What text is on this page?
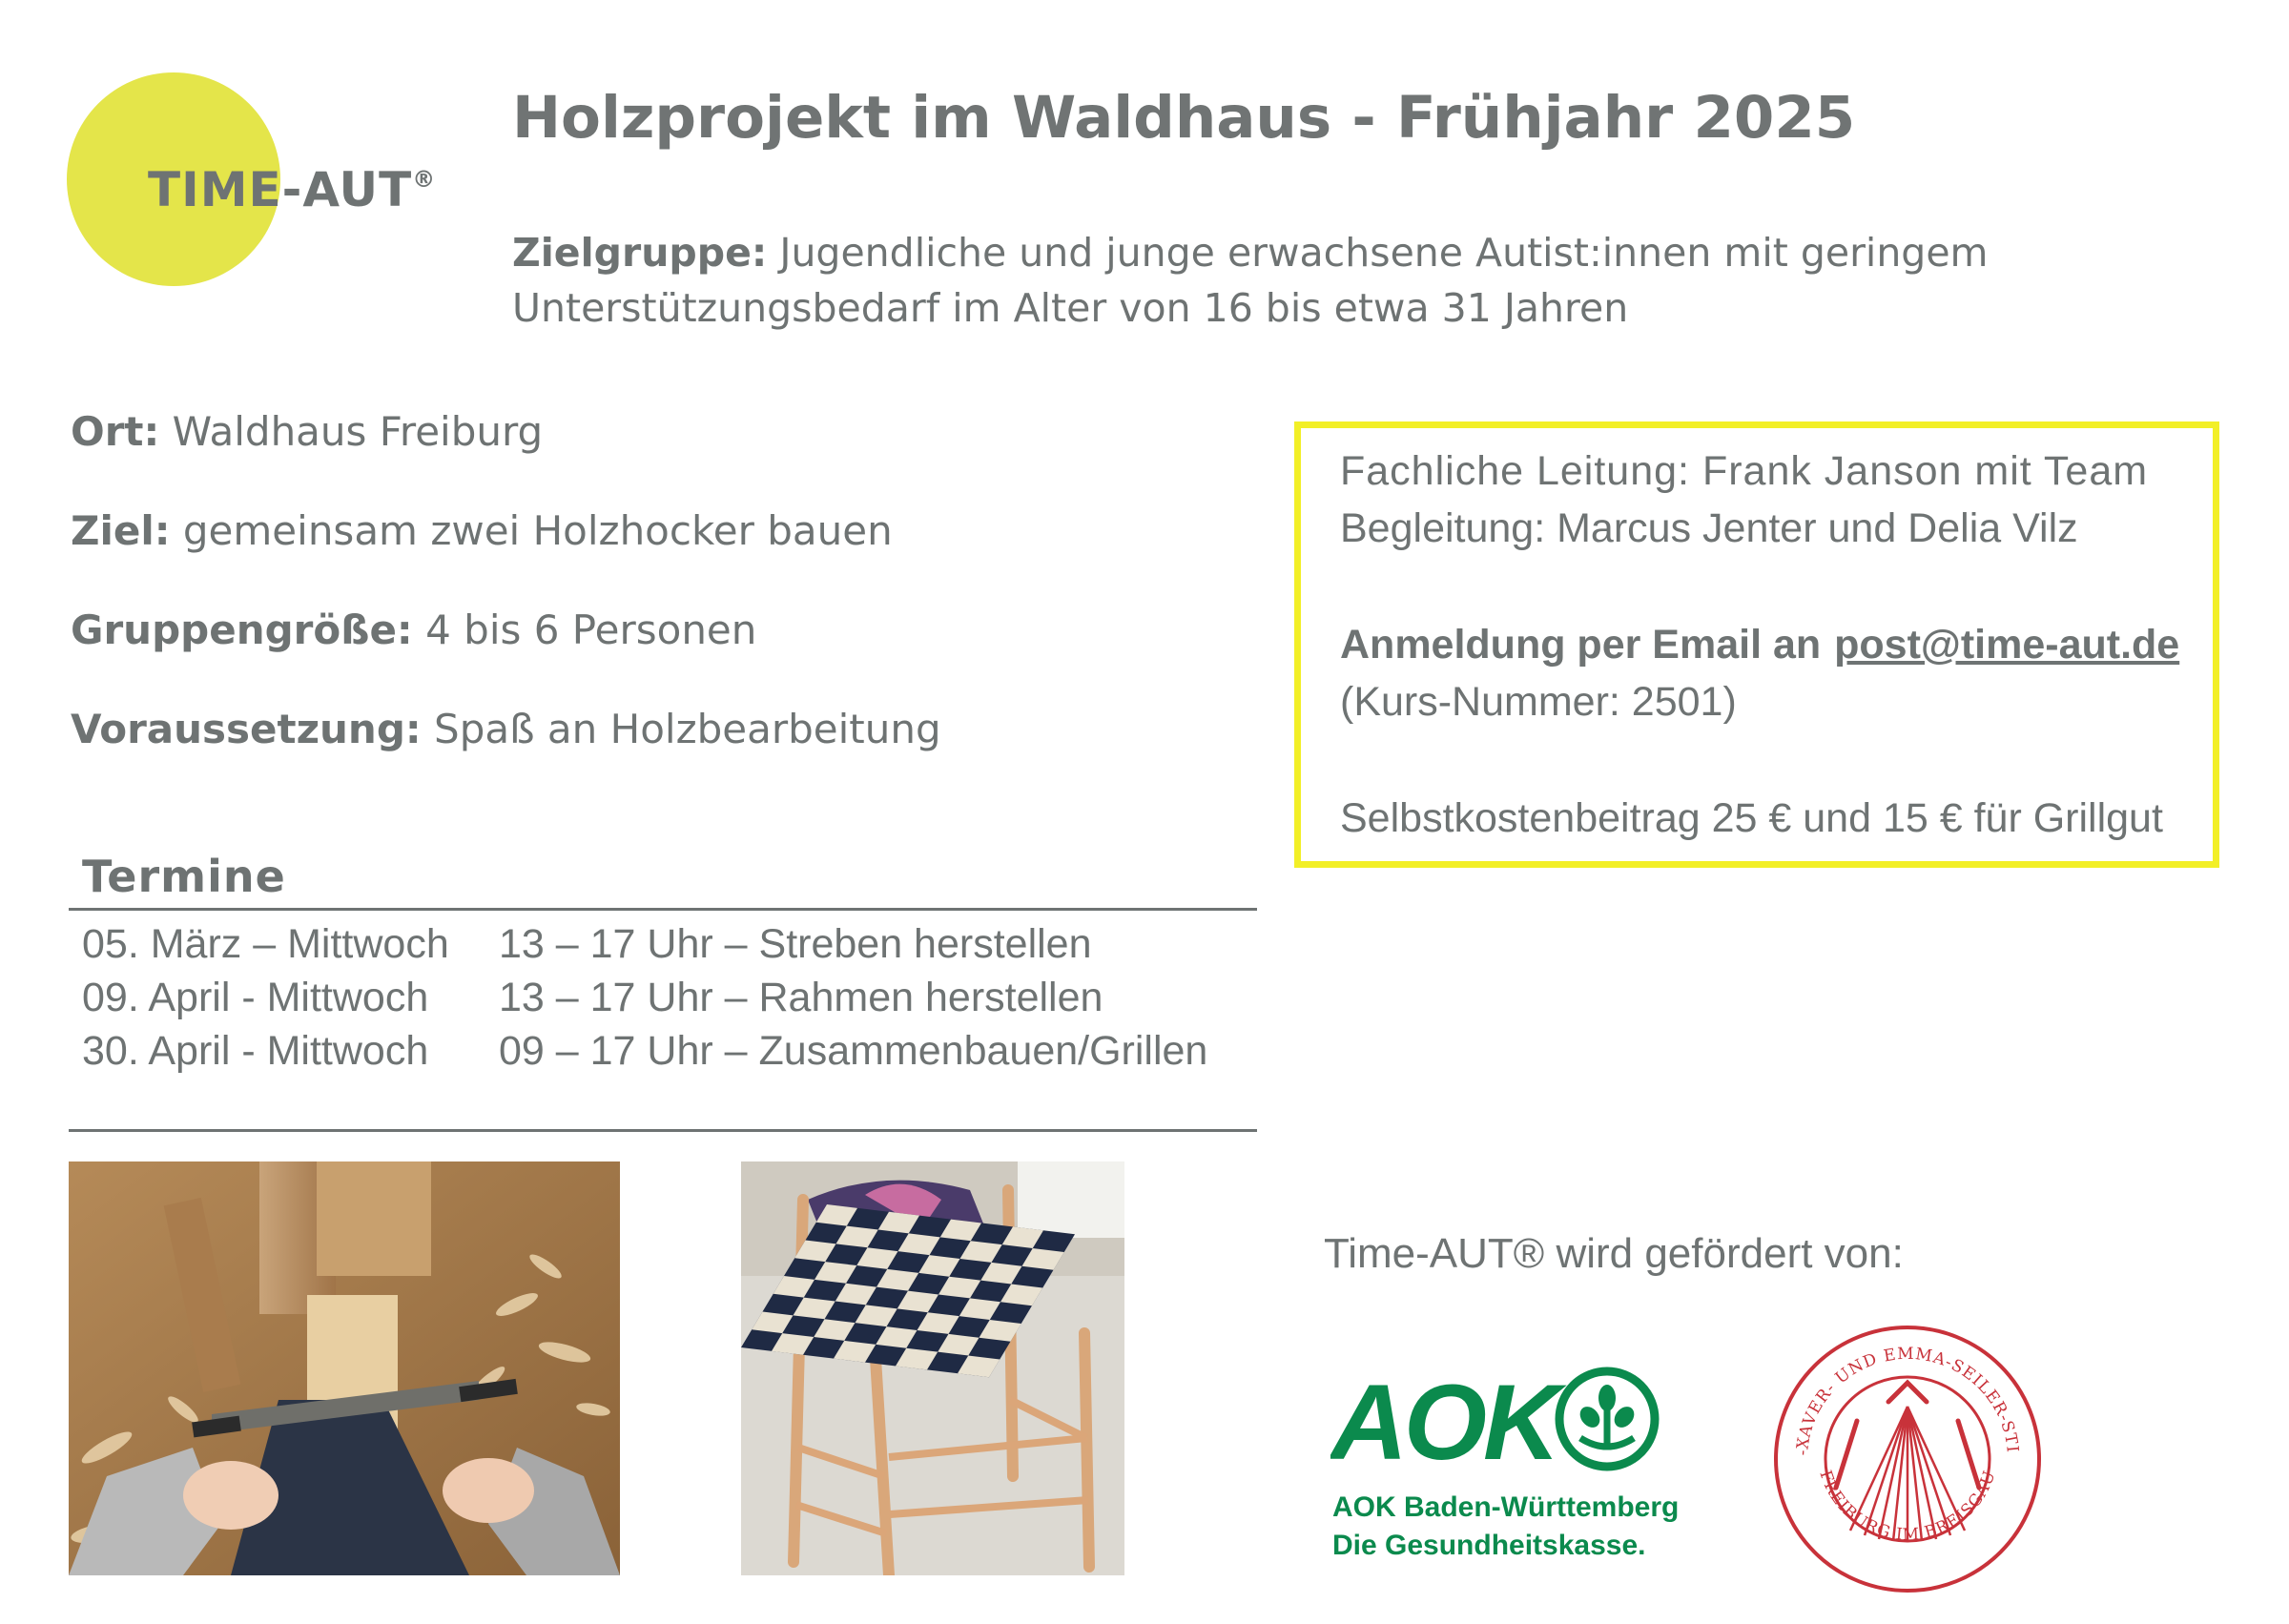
TIME-AUT®
Holzprojekt im Waldhaus - Frühjahr 2025
Zielgruppe: Jugendliche und junge erwachsene Autist:innen mit geringem
Unterstützungsbedarf im Alter von 16 bis etwa 31 Jahren
Ort: Waldhaus Freiburg
Ziel: gemeinsam zwei Holzhocker bauen
Gruppengröße: 4 bis 6 Personen
Voraussetzung: Spaß an Holzbearbeitung
Fachliche Leitung: Frank Janson mit Team
Begleitung: Marcus Jenter und Delia Vilz
Anmeldung per Email an post@time-aut.de
(Kurs-Nummer: 2501)
Selbstkostenbeitrag 25 € und 15 € für Grillgut
Termine
05. März – Mittwoch 13 – 17 Uhr – Streben herstellen
09. April - Mittwoch 13 – 17 Uhr – Rahmen herstellen
30. April - Mittwoch 09 – 17 Uhr – Zusammenbauen/Grillen
Time-AUT® wird gefördert von:
AOK
AOK Baden-Württemberg
Die Gesundheitskasse.
-XAVER- UND EMMA-SEILER-STI
FREIBURG IM BREISGAU
